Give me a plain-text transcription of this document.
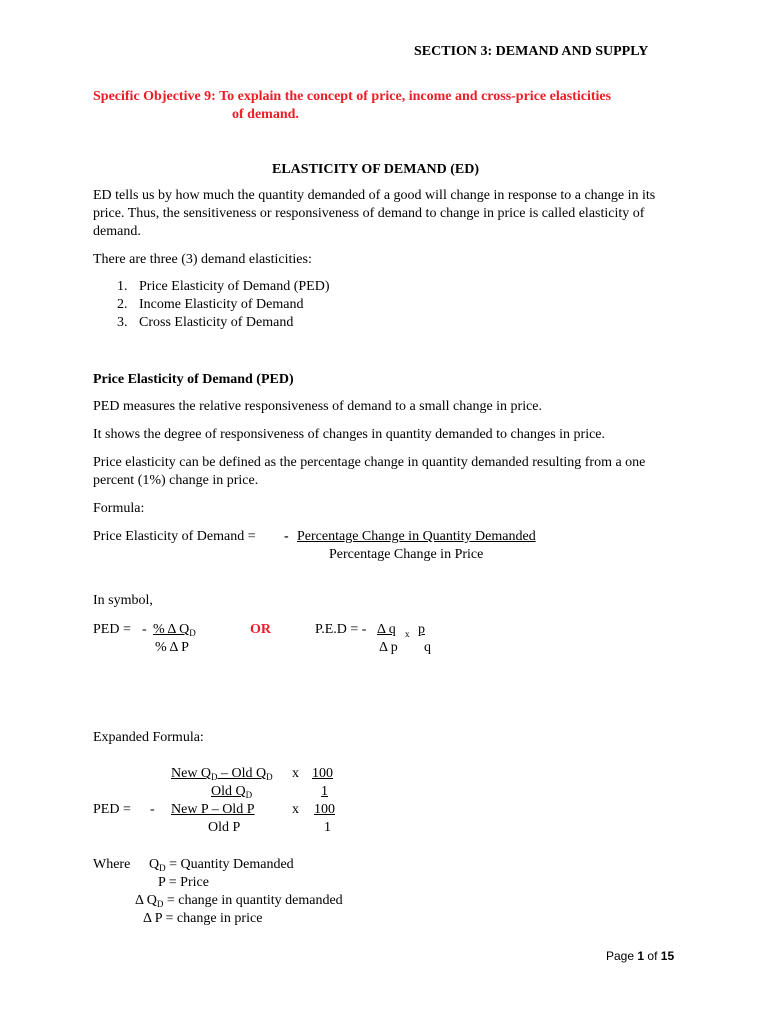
SECTION 3: DEMAND AND SUPPLY
Specific Objective 9: To explain the concept of price, income and cross-price elasticities
of demand.
ELASTICITY OF DEMAND (ED)
ED tells us by how much the quantity demanded of a good will change in response to a change in its price. Thus, the sensitiveness or responsiveness of demand to change in price is called elasticity of demand.
There are three (3) demand elasticities:
1. Price Elasticity of Demand (PED)
2. Income Elasticity of Demand
3. Cross Elasticity of Demand
Price Elasticity of Demand (PED)
PED measures the relative responsiveness of demand to a small change in price.
It shows the degree of responsiveness of changes in quantity demanded to changes in price.
Price elasticity can be defined as the percentage change in quantity demanded resulting from a one percent (1%) change in price.
Formula:
Price Elasticity of Demand = - Percentage Change in Quantity Demanded
Percentage Change in Price
In symbol,
PED = - % Δ $Q_D$
% Δ P
OR	P.E.D = - Δ q x p
Δ p q
Expanded Formula:
New $Q_D$ – Old $Q_D$ x 100
Old $Q_D$	1
PED = - New P – Old P	x 100
Old P	1
Where $Q_D$ = Quantity Demanded
P = Price
Δ $Q_D$ = change in quantity demanded
Δ P = change in price
Page 1 of 15
